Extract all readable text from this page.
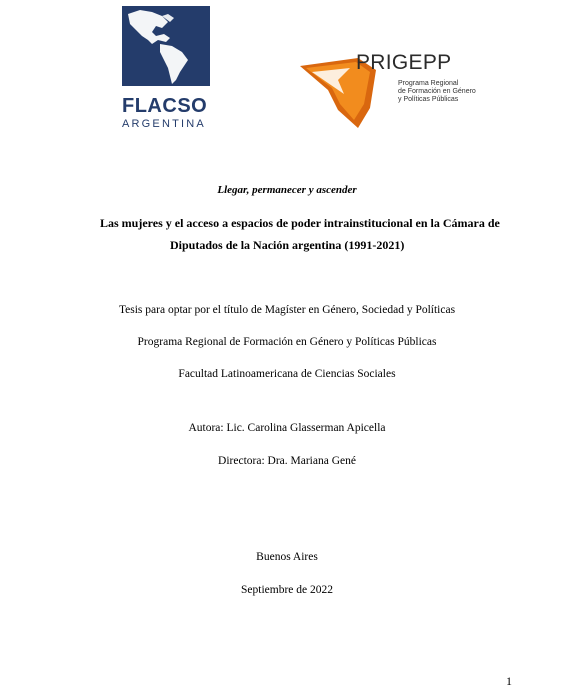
FLACSO
ARGENTINA
PRIGEPP
Programa Regional
de Formación en Género
y Políticas Públicas
Llegar, permanecer y ascender
Las mujeres y el acceso a espacios de poder intrainstitucional en la Cámara de
Diputados de la Nación argentina (1991-2021)
Tesis para optar por el título de Magíster en Género, Sociedad y Políticas
Programa Regional de Formación en Género y Políticas Públicas
Facultad Latinoamericana de Ciencias Sociales
Autora: Lic. Carolina Glasserman Apicella
Directora: Dra. Mariana Gené
Buenos Aires
Septiembre de 2022
1
